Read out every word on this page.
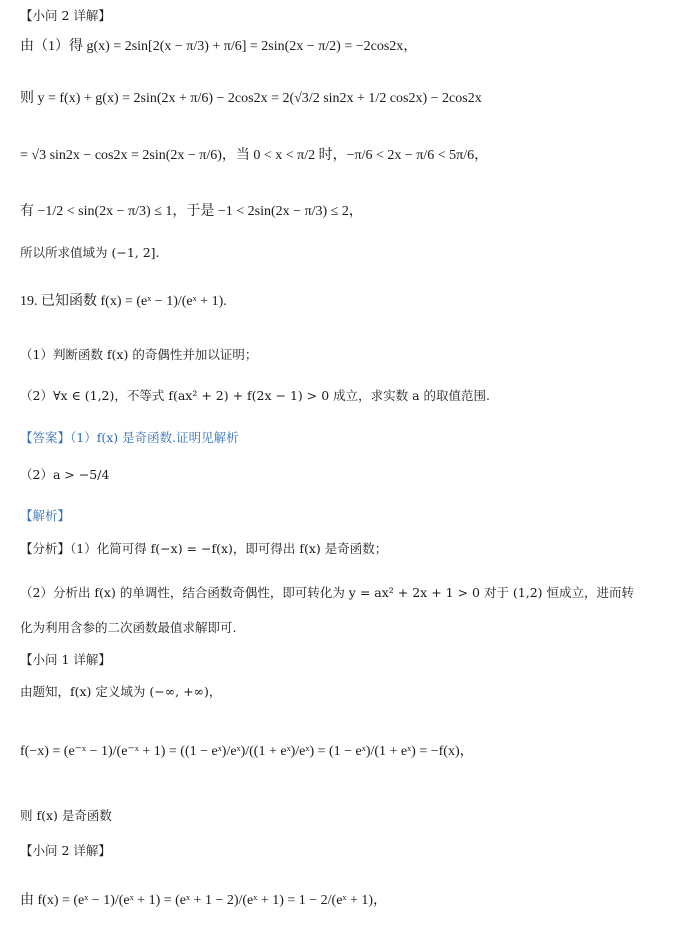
【小问 2 详解】
由（1）得 g(x) = 2sin[2(x − π/3) + π/6] = 2sin(2x − π/2) = −2cos2x，
则 y = f(x) + g(x) = 2sin(2x + π/6) − 2cos2x = 2(√3/2 sin2x + 1/2 cos2x) − 2cos2x
= √3 sin2x − cos2x = 2sin(2x − π/6)，当 0 < x < π/2 时，−π/6 < 2x − π/6 < 5π/6，
有 −1/2 < sin(2x − π/3) ≤ 1，于是 −1 < 2sin(2x − π/3) ≤ 2，
所以所求值域为 (−1, 2].
19. 已知函数 f(x) = (eˣ − 1)/(eˣ + 1).
（1）判断函数 f(x) 的奇偶性并加以证明；
（2）∀x ∈ (1,2)，不等式 f(ax² + 2) + f(2x − 1) > 0 成立，求实数 a 的取值范围.
【答案】（1）f(x) 是奇函数.证明见解析
（2）a > −5/4
【解析】
【分析】（1）化简可得 f(−x) = −f(x)，即可得出 f(x) 是奇函数；
（2）分析出 f(x) 的单调性，结合函数奇偶性，即可转化为 y = ax² + 2x + 1 > 0 对于 (1,2) 恒成立，进而转
化为利用含参的二次函数最值求解即可.
【小问 1 详解】
由题知，f(x) 定义域为 (−∞, +∞)，
f(−x) = (e⁻ˣ − 1)/(e⁻ˣ + 1) = ((1 − eˣ)/eˣ)/((1 + eˣ)/eˣ) = (1 − eˣ)/(1 + eˣ) = −f(x)，
则 f(x) 是奇函数
【小问 2 详解】
由 f(x) = (eˣ − 1)/(eˣ + 1) = (eˣ + 1 − 2)/(eˣ + 1) = 1 − 2/(eˣ + 1)，
